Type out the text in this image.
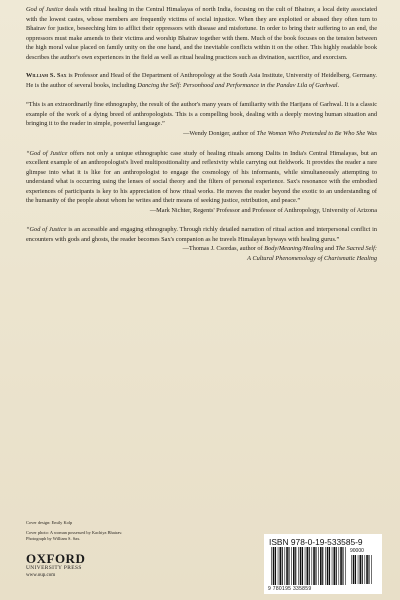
God of Justice deals with ritual healing in the Central Himalayas of north India, focusing on the cult of Bhairav, a local deity associated with the lowest castes, whose members are frequently victims of social injustice. When they are exploited or abused they often turn to Bhairav for justice, beseeching him to afflict their oppressors with disease and misfortune. In order to bring their suffering to an end, the oppressors must make amends to their victims and worship Bhairav together with them. Much of the book focuses on the tension between the high moral value placed on family unity on the one hand, and the inevitable conflicts within it on the other. This highly readable book describes the author's own experiences in the field as well as ritual healing practices such as divination, sacrifice, and exorcism.

William S. Sax is Professor and Head of the Department of Anthropology at the South Asia Institute, University of Heidelberg, Germany. He is the author of several books, including Dancing the Self: Personhood and Performance in the Pandav Lila of Garhwal.

“This is an extraordinarily fine ethnography, the result of the author's many years of familiarity with the Harijans of Garhwal. It is a classic example of the work of a dying breed of anthropologists. This is a compelling book, dealing with a deeply moving human situation and bringing it to the reader in simple, powerful language.”

—Wendy Doniger, author of The Woman Who Pretended to Be Who She Was

“God of Justice offers not only a unique ethnographic case study of healing rituals among Dalits in India's Central Himalayas, but an excellent example of an anthropologist's lived multipositionality and reflexivity while carrying out fieldwork. It provides the reader a rare glimpse into what it is like for an anthropologist to engage the cosmology of his informants, while simultaneously attempting to understand what is occurring using the lenses of social theory and the filters of personal experience. Sax's resonance with the embodied experiences of participants is key to his appreciation of how ritual works. He moves the reader beyond the exotic to an understanding of the humanity of the people about whom he writes and their means of seeking justice, retribution, and peace.”

—Mark Nichter, Regents' Professor and Professor of Anthropology, University of Arizona

“God of Justice is an accessible and engaging ethnography. Through richly detailed narration of ritual action and interpersonal conflict in encounters with gods and ghosts, the reader becomes Sax's companion as he travels Himalayan byways with healing gurus.”

—Thomas J. Csordas, author of Body/Meaning/Healing and The Sacred Self:
A Cultural Phenomenology of Charismatic Healing
Cover design: Emily Kolp
Cover photo: A woman possessed by Kachiya Bhairav.
Photograph by William S. Sax.
OXFORD
UNIVERSITY PRESS
www.oup.com
ISBN 978-0-19-533585-9
90000
9 780195 335859
